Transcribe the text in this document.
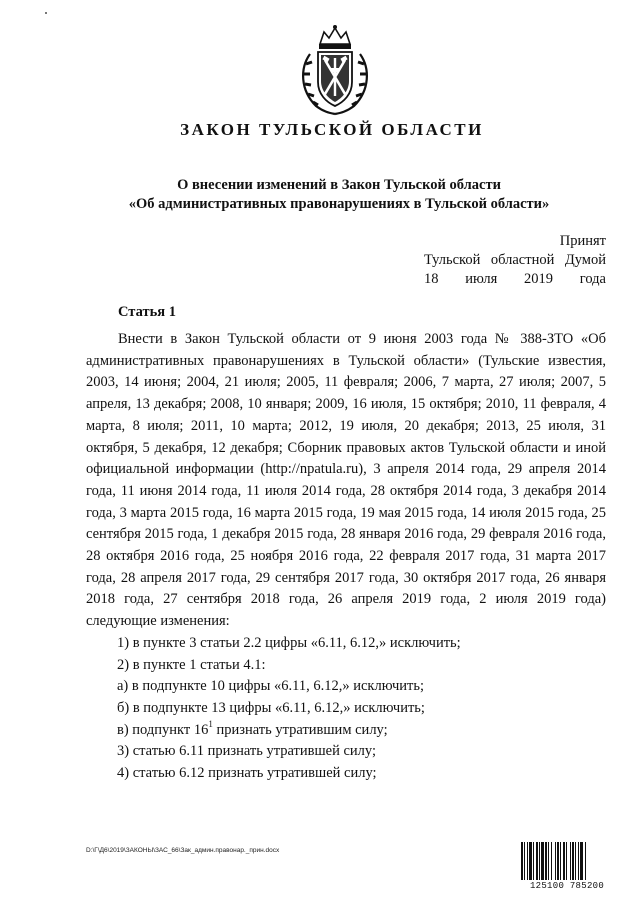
ЗАКОН ТУЛЬСКОЙ ОБЛАСТИ
О внесении изменений в Закон Тульской области
«Об административных правонарушениях в Тульской области»
Принят
Тульской областной Думой
18 июля 2019 года
Статья 1

Внести в Закон Тульской области от 9 июня 2003 года № 388-ЗТО «Об административных правонарушениях в Тульской области» (Тульские известия, 2003, 14 июня; 2004, 21 июля; 2005, 11 февраля; 2006, 7 марта, 27 июля; 2007, 5 апреля, 13 декабря; 2008, 10 января; 2009, 16 июля, 15 октября; 2010, 11 февраля, 4 марта, 8 июля; 2011, 10 марта; 2012, 19 июля, 20 декабря; 2013, 25 июля, 31 октября, 5 декабря, 12 декабря; Сборник правовых актов Тульской области и иной официальной информации (http://npatula.ru), 3 апреля 2014 года, 29 апреля 2014 года, 11 июня 2014 года, 11 июля 2014 года, 28 октября 2014 года, 3 декабря 2014 года, 3 марта 2015 года, 16 марта 2015 года, 19 мая 2015 года, 14 июля 2015 года, 25 сентября 2015 года, 1 декабря 2015 года, 28 января 2016 года, 29 февраля 2016 года, 28 октября 2016 года, 25 ноября 2016 года, 22 февраля 2017 года, 31 марта 2017 года, 28 апреля 2017 года, 29 сентября 2017 года, 30 октября 2017 года, 26 января 2018 года, 27 сентября 2018 года, 26 апреля 2019 года, 2 июля 2019 года) следующие изменения:

1) в пункте 3 статьи 2.2 цифры «6.11, 6.12,» исключить;

2) в пункте 1 статьи 4.1:

а) в подпункте 10 цифры «6.11, 6.12,» исключить;

б) в подпункте 13 цифры «6.11, 6.12,» исключить;

в) подпункт $16^1$ признать утратившим силу;

3) статью 6.11 признать утратившей силу;

4) статью 6.12 признать утратившей силу;

D:\Г\Д6\2019\ЗАКОНЫ\ЗАС_66\Зак_админ.правонар._прин.docx
125100 785200
